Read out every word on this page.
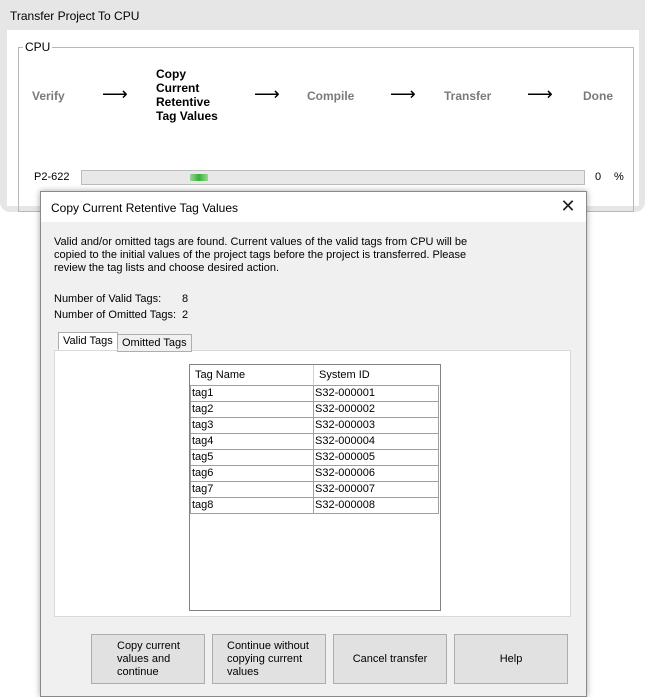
Transfer Project To CPU
CPU
Verify ⟶
Copy
Current
Retentive
Tag Values
⟶ Compile ⟶ Transfer ⟶	Done
P2-622	0 %
Copy Current Retentive Tag Values	✕
Valid and/or omitted tags are found. Current values of the valid tags from CPU will be copied to the initial values of the project tags before the project is transferred. Please review the tag lists and choose desired action.
Number of Valid Tags: 8
Number of Omitted Tags: 2
Tag Name	System ID
tag1	S32-000001
tag2	S32-000002
tag3	S32-000003
tag4	S32-000004
tag5	S32-000005
tag6	S32-000006
tag7	S32-000007
tag8	S32-000008
Valid Tags Omitted Tags
Copy current
values and
continue
Continue without
copying current
values
Cancel transfer	Help
